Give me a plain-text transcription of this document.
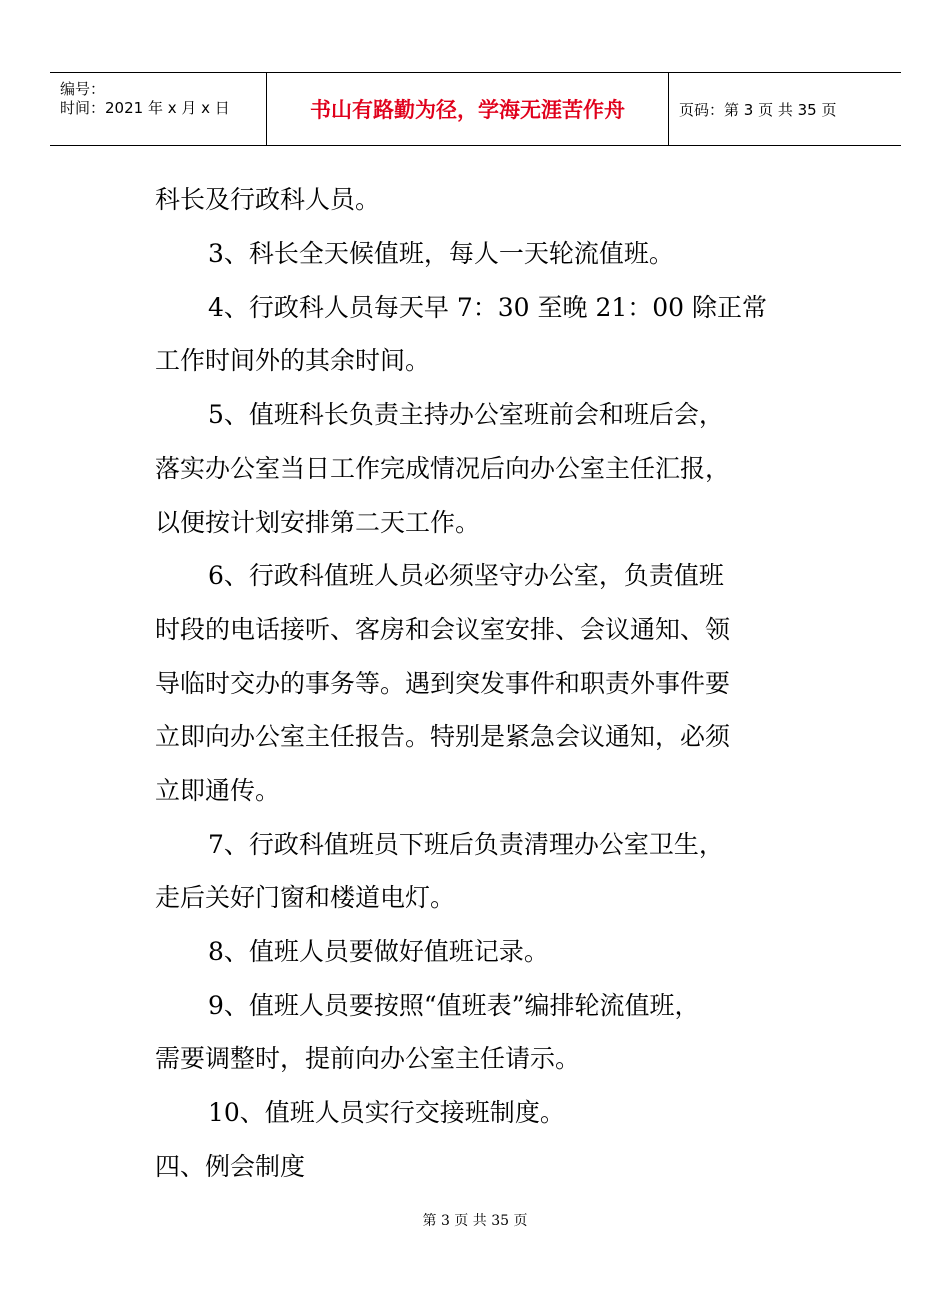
编号：
时间：2021 年 x 月 x 日	书山有路勤为径，学海无涯苦作舟	页码：第 3 页 共 35 页
科长及行政科人员。
3、科长全天候值班，每人一天轮流值班。
4、行政科人员每天早 7：30 至晚 21：00 除正常
工作时间外的其余时间。
5、值班科长负责主持办公室班前会和班后会，
落实办公室当日工作完成情况后向办公室主任汇报，
以便按计划安排第二天工作。
6、行政科值班人员必须坚守办公室，负责值班
时段的电话接听、客房和会议室安排、会议通知、领
导临时交办的事务等。遇到突发事件和职责外事件要
立即向办公室主任报告。特别是紧急会议通知，必须
立即通传。
7、行政科值班员下班后负责清理办公室卫生，
走后关好门窗和楼道电灯。
8、值班人员要做好值班记录。
9、值班人员要按照“值班表”编排轮流值班，
需要调整时，提前向办公室主任请示。
10、值班人员实行交接班制度。
四、例会制度
第 3 页 共 35 页
